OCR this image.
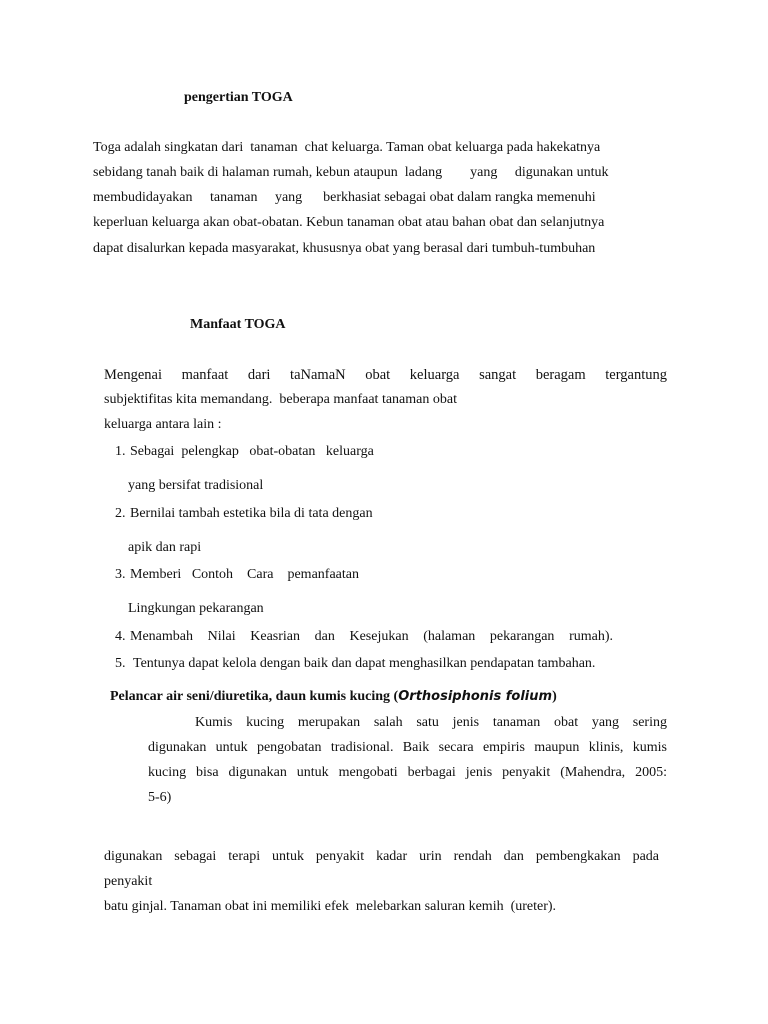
pengertian TOGA
Toga adalah singkatan dari  tanaman  chat keluarga. Taman obat keluarga pada hakekatnya
sebidang tanah baik di halaman rumah, kebun ataupun  ladang        yang     digunakan untuk
membudidayakan     tanaman     yang      berkhasiat sebagai obat dalam rangka memenuhi
keperluan keluarga akan obat-obatan. Kebun tanaman obat atau bahan obat dan selanjutnya
dapat disalurkan kepada masyarakat, khususnya obat yang berasal dari tumbuh-tumbuhan
Manfaat TOGA
Mengenai manfaat dari taNamaN obat keluarga sangat beragam tergantung
subjektifitas kita memandang.  beberapa manfaat tanaman obat
keluarga antara lain :
1. Sebagai  pelengkap   obat-obatan   keluarga
yang bersifat tradisional
2. Bernilai tambah estetika bila di tata dengan
apik dan rapi
3. Memberi   Contoh    Cara    pemanfaatan
Lingkungan pekarangan
4. Menambah Nilai Keasrian dan Kesejukan (halaman pekarangan rumah).
5. Tentunya dapat kelola dengan baik dan dapat menghasilkan pendapatan tambahan.
Pelancar air seni/diuretika, daun kumis kucing (Orthosiphonis folium)
Kumis kucing merupakan salah satu jenis tanaman obat yang sering
digunakan untuk pengobatan tradisional. Baik secara empiris maupun klinis, kumis
kucing bisa digunakan untuk mengobati berbagai jenis penyakit (Mahendra, 2005:
5-6)
digunakan sebagai terapi untuk penyakit kadar urin rendah dan pembengkakan pada
penyakit
batu ginjal. Tanaman obat ini memiliki efek  melebarkan saluran kemih  (ureter).
